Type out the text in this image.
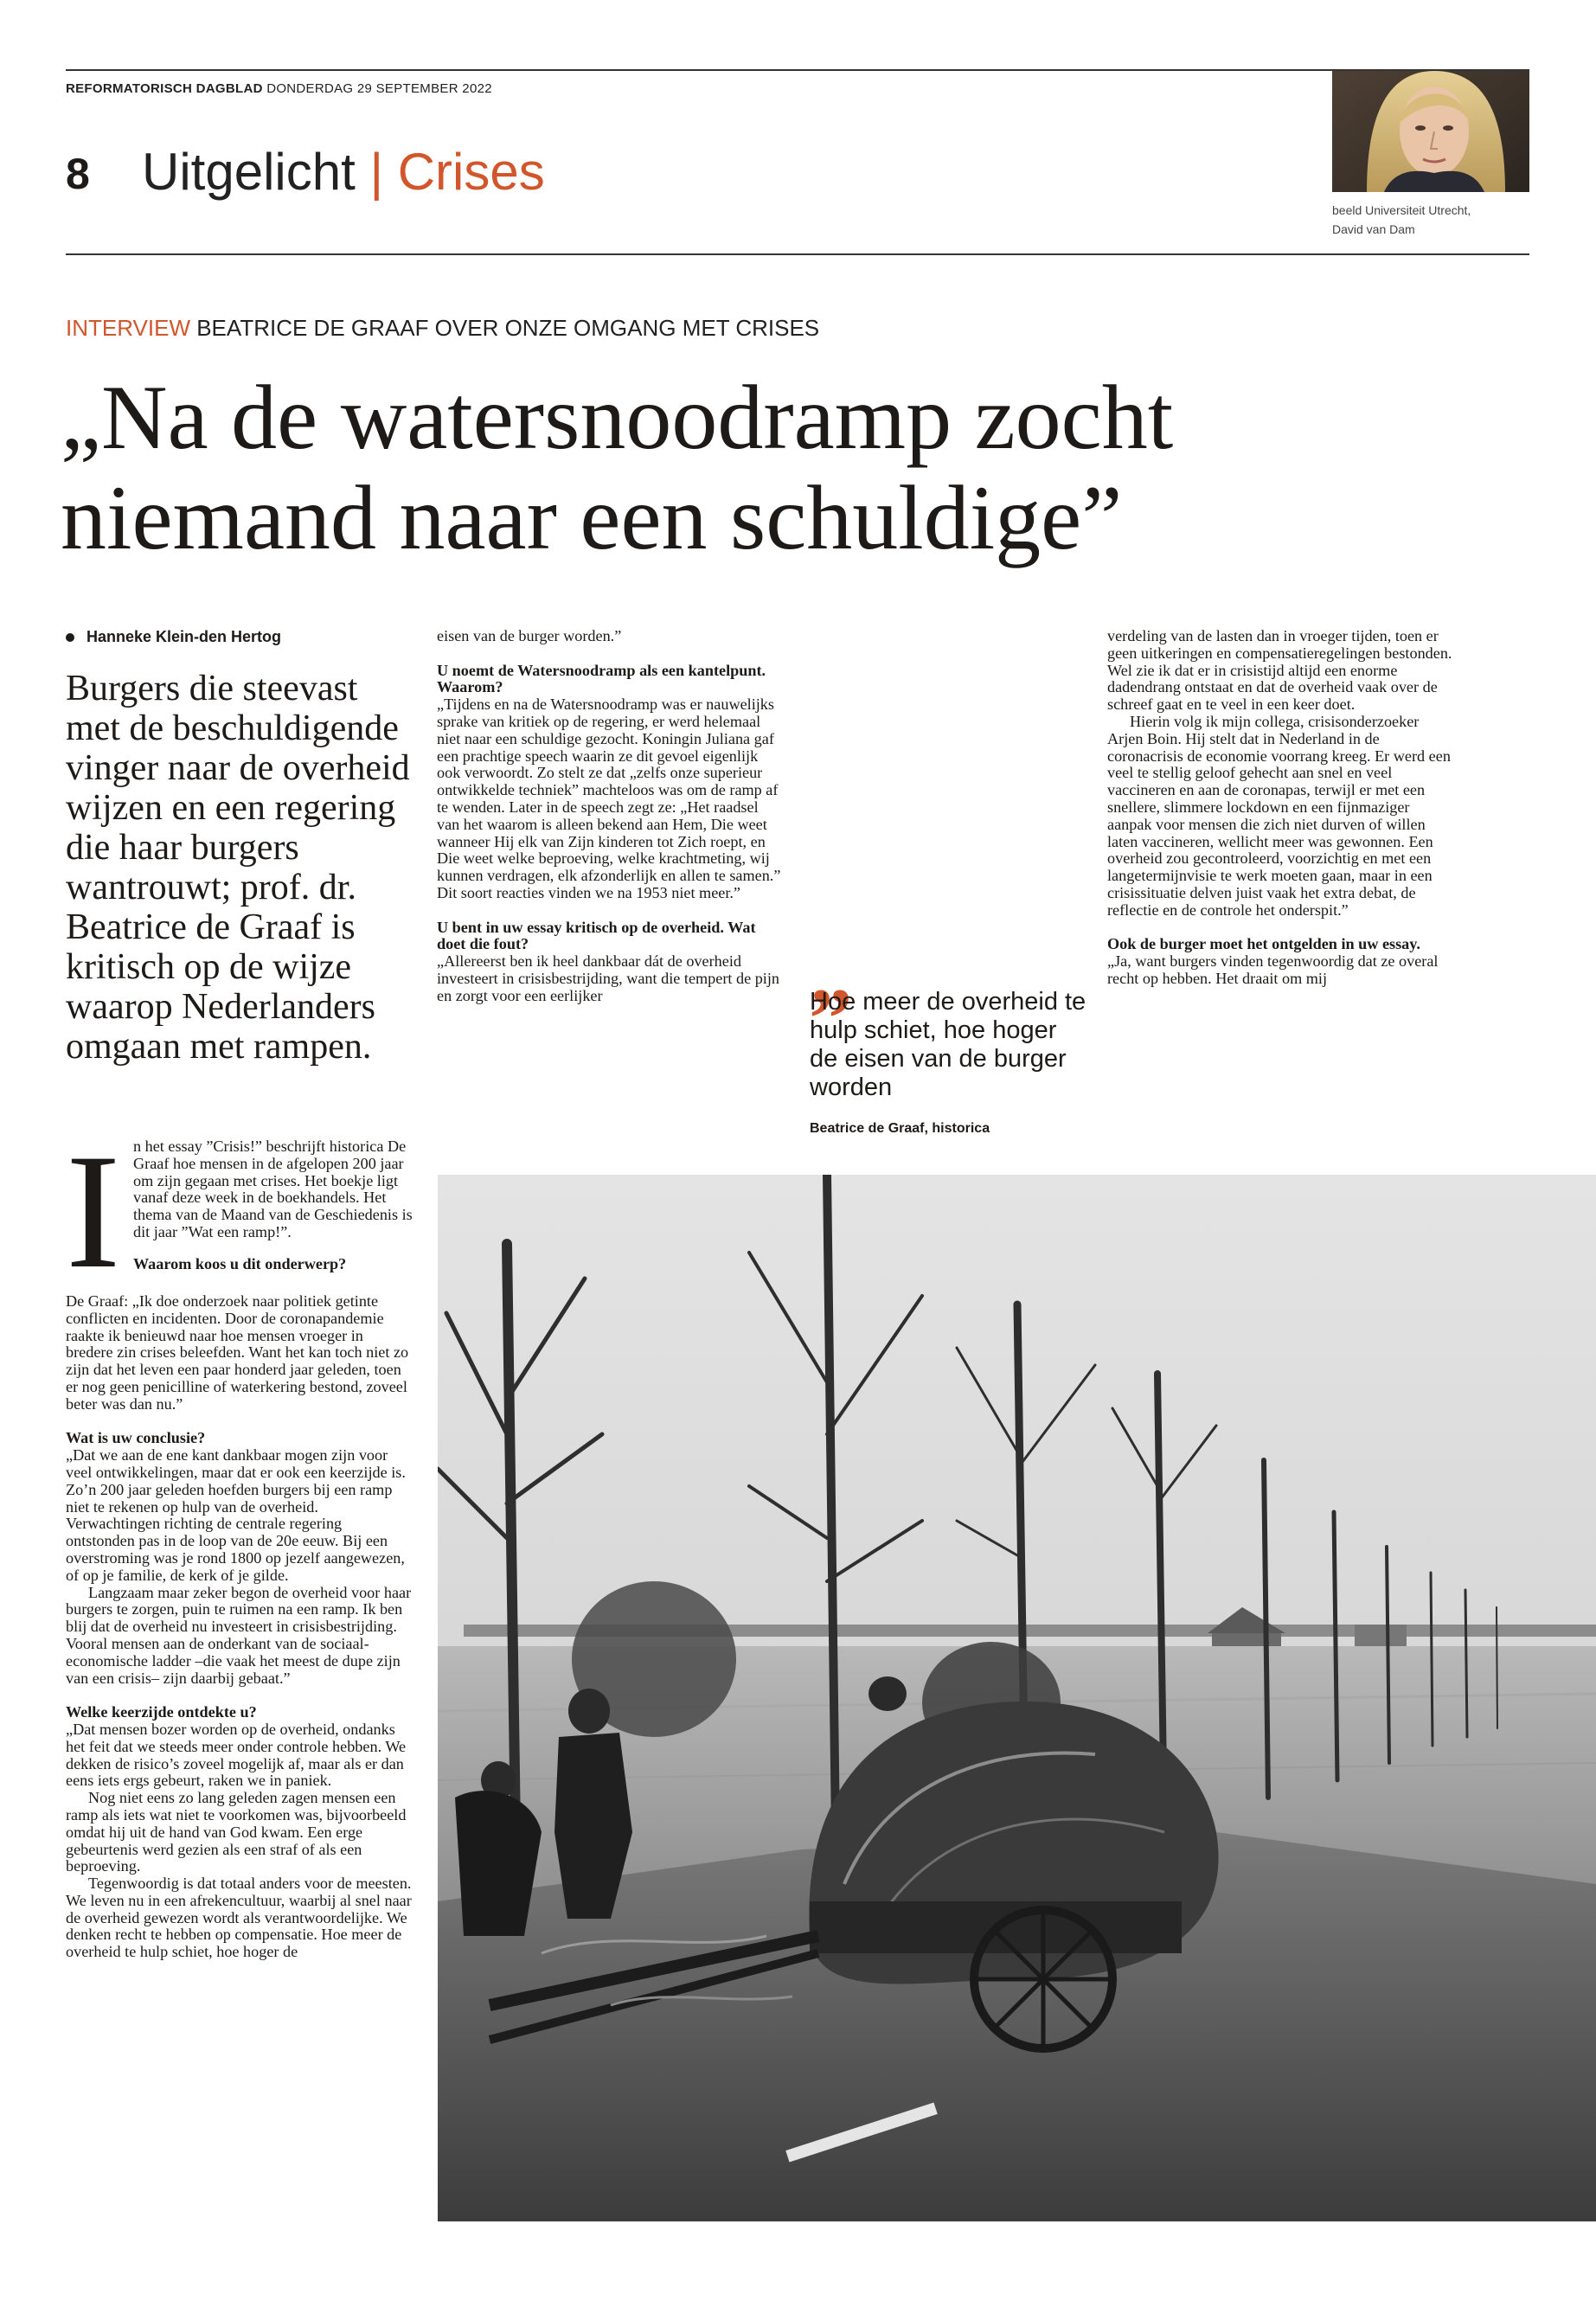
REFORMATORISCH DAGBLAD DONDERDAG 29 SEPTEMBER 2022
8 Uitgelicht | Crises
beeld Universiteit Utrecht,
David van Dam
INTERVIEW BEATRICE DE GRAAF OVER ONZE OMGANG MET CRISES
„Na de watersnoodramp zocht
niemand naar een schuldige”
Hanneke Klein-den Hertog
Burgers die steevast met de beschuldigende vinger naar de overheid wijzen en een regering die haar burgers wantrouwt; prof. dr. Beatrice de Graaf is kritisch op de wijze waarop Nederlanders omgaan met rampen.
I n het essay ”Crisis!” beschrijft historica De Graaf hoe mensen in de afgelopen 200 jaar om zijn gegaan met crises. Het boekje ligt vanaf deze week in de boekhandels. Het thema van de Maand van de Geschiedenis is dit jaar ”Wat een ramp!”.

Waarom koos u dit onderwerp?

De Graaf: „Ik doe onderzoek naar politiek getinte conflicten en incidenten. Door de coronapandemie raakte ik benieuwd naar hoe mensen vroeger in bredere zin crises beleefden. Want het kan toch niet zo zijn dat het leven een paar honderd jaar geleden, toen er nog geen penicilline of waterkering bestond, zoveel beter was dan nu.”

Wat is uw conclusie?

„Dat we aan de ene kant dankbaar mogen zijn voor veel ontwikkelingen, maar dat er ook een keerzijde is. Zo’n 200 jaar geleden hoefden burgers bij een ramp niet te rekenen op hulp van de overheid. Verwachtingen richting de centrale regering ontstonden pas in de loop van de 20e eeuw. Bij een overstroming was je rond 1800 op jezelf aangewezen, of op je familie, de kerk of je gilde.

Langzaam maar zeker begon de overheid voor haar burgers te zorgen, puin te ruimen na een ramp. Ik ben blij dat de overheid nu investeert in crisisbestrijding. Vooral mensen aan de onderkant van de sociaal-economische ladder –die vaak het meest de dupe zijn van een crisis– zijn daarbij gebaat.”

Welke keerzijde ontdekte u?

„Dat mensen bozer worden op de overheid, ondanks het feit dat we steeds meer onder controle hebben. We dekken de risico’s zoveel mogelijk af, maar als er dan eens iets ergs gebeurt, raken we in paniek.

Nog niet eens zo lang geleden zagen mensen een ramp als iets wat niet te voorkomen was, bijvoorbeeld omdat hij uit de hand van God kwam. Een erge gebeurtenis werd gezien als een straf of als een beproeving.

Tegenwoordig is dat totaal anders voor de meesten. We leven nu in een afrekencultuur, waarbij al snel naar de overheid gewezen wordt als verantwoordelijke. We denken recht te hebben op compensatie. Hoe meer de overheid te hulp schiet, hoe hoger de

eisen van de burger worden.”

U noemt de Watersnoodramp als een kantelpunt. Waarom?

„Tijdens en na de Watersnoodramp was er nauwelijks sprake van kritiek op de regering, er werd helemaal niet naar een schuldige gezocht. Koningin Juliana gaf een prachtige speech waarin ze dit gevoel eigenlijk ook verwoordt. Zo stelt ze dat „zelfs onze superieur ontwikkelde techniek” machteloos was om de ramp af te wenden. Later in de speech zegt ze: „Het raadsel van het waarom is alleen bekend aan Hem, Die weet wanneer Hij elk van Zijn kinderen tot Zich roept, en Die weet welke beproeving, welke krachtmeting, wij kunnen verdragen, elk afzonderlijk en allen te samen.” Dit soort reacties vinden we na 1953 niet meer.”

U bent in uw essay kritisch op de overheid. Wat doet die fout?

„Allereerst ben ik heel dankbaar dát de overheid investeert in crisisbestrijding, want die tempert de pijn en zorgt voor een eerlijker	„
Hoe meer de overheid te hulp schiet, hoe hoger de eisen van de burger worden
Beatrice de Graaf, historica

verdeling van de lasten dan in vroeger tijden, toen er geen uitkeringen en compensatieregelingen bestonden. Wel zie ik dat er in crisistijd altijd een enorme dadendrang ontstaat en dat de overheid vaak over de schreef gaat en te veel in een keer doet.

Hierin volg ik mijn collega, crisisonderzoeker Arjen Boin. Hij stelt dat in Nederland in de coronacrisis de economie voorrang kreeg. Er werd een veel te stellig geloof gehecht aan snel en veel vaccineren en aan de coronapas, terwijl er met een snellere, slimmere lockdown en een fijnmaziger aanpak voor mensen die zich niet durven of willen laten vaccineren, wellicht meer was gewonnen. Een overheid zou gecontroleerd, voorzichtig en met een langetermijnvisie te werk moeten gaan, maar in een crisissituatie delven juist vaak het extra debat, de reflectie en de controle het onderspit.”

Ook de burger moet het ontgelden in uw essay.

„Ja, want burgers vinden tegenwoordig dat ze overal recht op hebben. Het draait om mij
